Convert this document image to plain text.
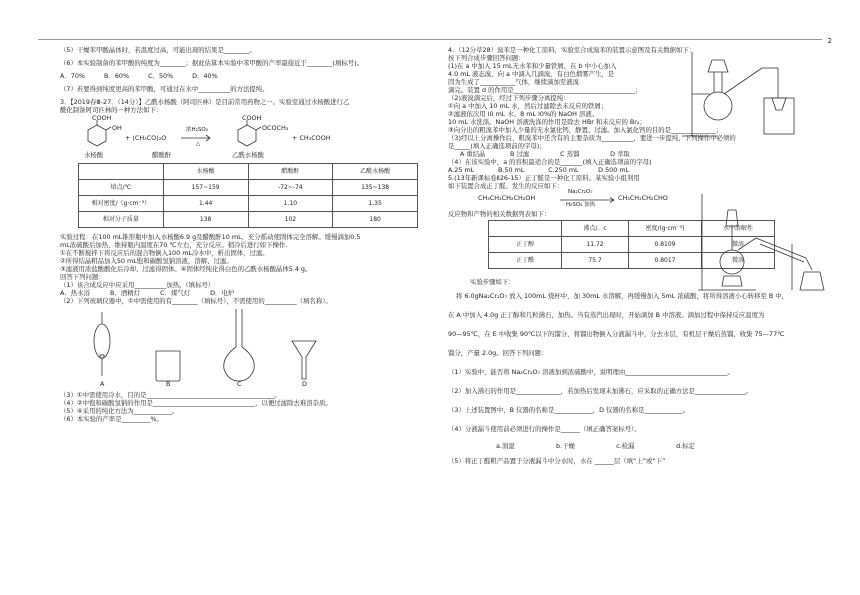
2
（5）干燥苯甲酸晶体时，若温度过高，可能出现的结果是________。
（6）本实验制备的苯甲酸的纯度为________；据此估算本实验中苯甲酸的产率最接近于________(填标号)。
A．70%	B．60%	C．50%	D．40%
（7）若要得到纯度更高的苯甲酸，可通过在水中__________的方法提纯。
3．【2019春Ⅲ-27．（14分）】乙酰水杨酸（阿司匹林）是目前常用药物之一。实验室通过水杨酸进行乙
酰化制备阿司匹林的一种方法如下：
COOH
OH
+ (CH₃CO)₂O
浓H₂SO₄
△
COOH
OCOCH₃
+ CH₃COOH
水杨酸	醋酸酐	乙酰水杨酸
	水杨酸	醋酸酐	乙酰水杨酸
熔点/℃	157~159	-72~-74	135~138
相对密度/（g·cm⁻³）	1.44	1.10	1.35
相对分子质量	138	102	180
实验过程：在100 mL锥形瓶中加入水杨酸6.9 g及醋酸酐10 mL，充分摇动使固体完全溶解。缓慢滴加0.5
mL浓硫酸后加热，维持瓶内温度在70 ℃左右，充分反应。稍冷后进行如下操作.
①在不断搅拌下将反应后的混合物倒入100 mL冷水中，析出固体，过滤。
②所得结晶粗品加入50 mL饱和碳酸氢钠溶液，溶解、过滤。
③滤液用浓盐酸酸化后冷却、过滤得固体。④固体经纯化得白色的乙酰水杨酸晶体5.4 g。
回答下列问题：
（1）该合成反应中应采用__________加热。（填标号）
A．热水浴	B．酒精灯	C．煤气灯	D．电炉
（2）下列玻璃仪器中，①中需使用的有________（填标号），不需使用的__________（填名称）。
A	B	C	D
（3）①中需使用冷水，目的是________________________________________。
（4）②中饱和碳酸氢钠的作用是________________________________，以便过滤除去难溶杂质。
（5）④采用的纯化方法为____________。
（6）本实验的产率是_________%。
4．（12分草28）溴苯是一种化工原料，实验室合成溴苯的装置示意图及有关数据如下：
按下列合成步骤回答问题：
(1)在 a 中加入 15 mL无水苯和少量铁屑，在 b 中小心加入
4.0 mL 液态溴，向 a 中滴入几滴溴，有白色烟雾产生，是
因为生成了___________气体，继续滴加至液溴
滴完。装置 d 的作用是______________________________________；
（2)液溴滴完后，经过下列步骤分离提纯：
①向 a 中加入 10 mL 水，然后过滤除去未反应的铁屑；
②滤液依次用 l0 mL 水、8 mL l0%的 NaOH 溶液、
10 mL 水洗涤。NaOH 溶液洗涤的作用是除去 HBr 和未反应的 Br₂；
③向分出的粗溴苯中加入少量的无水氯化钙，静置、过滤。加入氯化钙的目的是______________；
（3)经以上分离操作后，粗溴苯中还含有的主要杂质为__________，要进一步提纯，下列操作中必须的
是_____(填入正确选项前的字母)；
A 重结晶	B 过滤	C 蒸馏	D 萃取
（4）在该实验中，a 的容积最适合的是_______(填入正确选项前的字母)
A.25 mL	B.50 mL	C.250 mL	D.500 mL
5.(13年新课标卷Ⅱ26-15）正丁醛是一种化工原料。某实验小组利用
如下装置合成正丁醛。发生的反应如下：
CH₃CH₂CH₂CH₂OH
Na₂Cr₂O₇
H₂SO₄ 加热
CH₃CH₂CH₂CHO
反应物和产物的相关数据列表如下：
	沸点/。c	密度/(g·cm⁻³)	水中溶解性
正丁醇	11.72	0.8109	微溶
正丁醛	75.7	0.8017	微溶
实验步骤如下：
将 6.0gNa₂Cr₂O₇ 放入 100mL 烧杯中，加 30mL 水溶解，再缓慢加入 5mL 浓硫酸，将所得溶液小心转移至 B 中，
在 A 中加入 4.0g 正丁醇和几粒沸石，加热。当有蒸汽出现时，开始滴加 B 中溶液。滴加过程中保持反应温度为
90—95℃，在 E 中收集 90℃以下的馏分，将馏出物倒入分液漏斗中，分去水层，有机层干燥后蒸馏，收集 75—77℃
馏分，产量 2.0g。回答下列问题：
（1）实验中，能否将 Na₂Cr₂O₇ 溶液加到浓硫酸中，说明理由________________________________。
（2）加入沸石的作用是______________，若加热后发现未加沸石，应采取的正确方法是________________。
（3）上述装置图中，B 仪器的名称是____________，D 仪器的名称是____________。
（4）分液漏斗使用前必须进行的操作是______（填正确答案标号）。
a.润湿	b.干燥	c.检漏	d.标定
（5）将正丁醛粗产品置于分液漏斗中分水时，水在 ______层（填“上”或“下”
